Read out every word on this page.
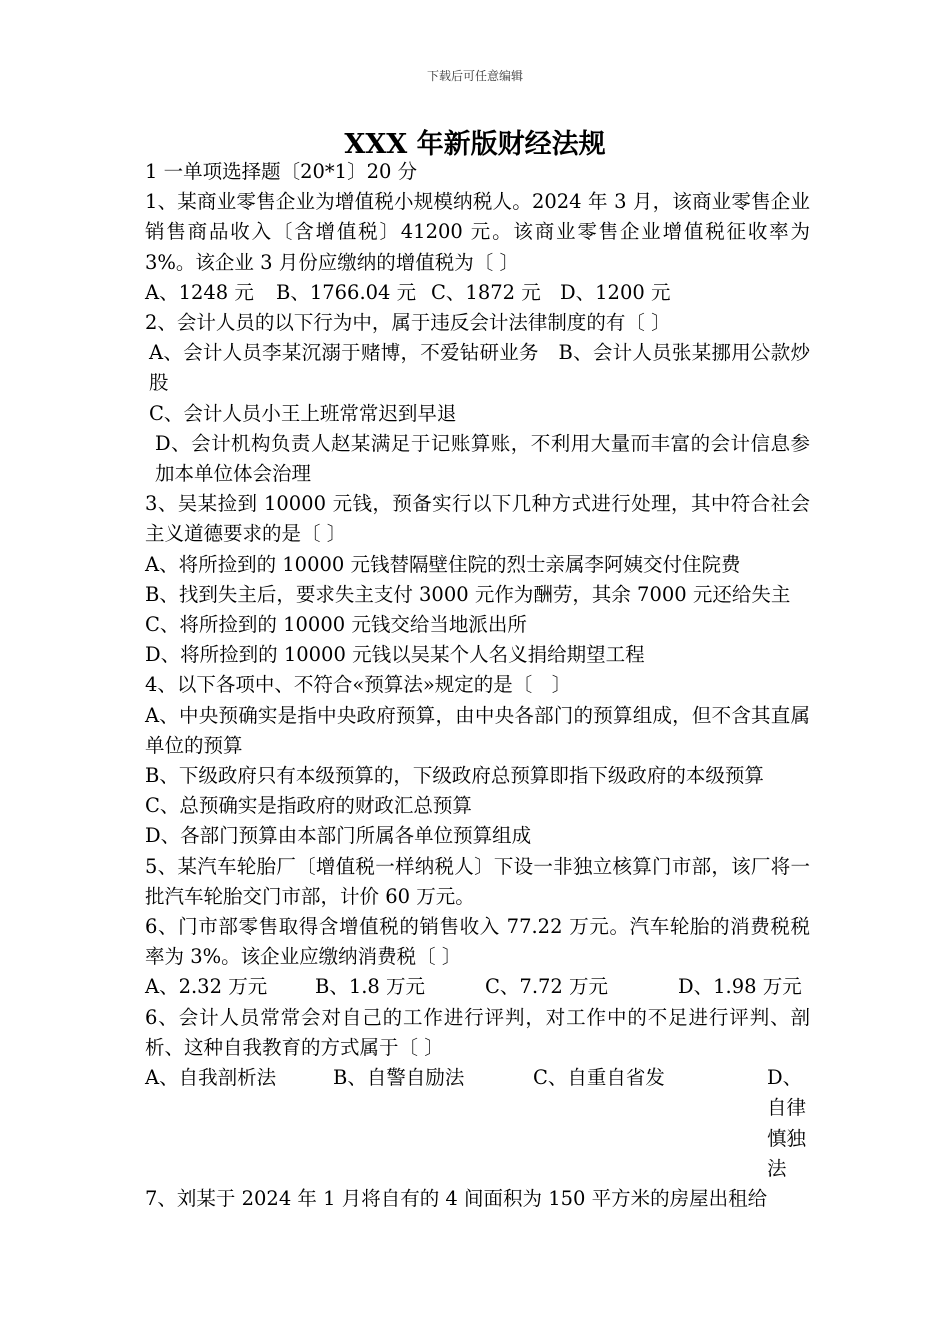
下载后可任意编辑
XXX 年新版财经法规
1 一单项选择题〔20*1〕20 分
1、某商业零售企业为增值税小规模纳税人。2024 年 3 月，该商业零售企业销售商品收入〔含增值税〕41200 元。该商业零售企业增值税征收率为 3%。该企业 3 月份应缴纳的增值税为〔 〕
A、1248 元	B、1766.04 元 C、1872 元 D、1200 元
2、会计人员的以下行为中，属于违反会计法律制度的有〔 〕
A、会计人员李某沉溺于赌博，不爱钻研业务　B、会计人员张某挪用公款炒股
C、会计人员小王上班常常迟到早退
D、会计机构负责人赵某满足于记账算账，不利用大量而丰富的会计信息参加本单位体会治理
3、吴某捡到 10000 元钱，预备实行以下几种方式进行处理，其中符合社会主义道德要求的是〔 〕
A、将所捡到的 10000 元钱替隔壁住院的烈士亲属李阿姨交付住院费
B、找到失主后，要求失主支付 3000 元作为酬劳，其余 7000 元还给失主
C、将所捡到的 10000 元钱交给当地派出所
D、将所捡到的 10000 元钱以吴某个人名义捐给期望工程
4、以下各项中、不符合«预算法»规定的是〔　〕
A、中央预确实是指中央政府预算，由中央各部门的预算组成，但不含其直属单位的预算
B、下级政府只有本级预算的，下级政府总预算即指下级政府的本级预算
C、总预确实是指政府的财政汇总预算
D、各部门预算由本部门所属各单位预算组成
5、某汽车轮胎厂〔增值税一样纳税人〕下设一非独立核算门市部，该厂将一批汽车轮胎交门市部，计价 60 万元。
6、门市部零售取得含增值税的销售收入 77.22 万元。汽车轮胎的消费税税率为 3%。该企业应缴纳消费税〔 〕
A、2.32 万元	B、1.8 万元	C、7.72 万元	D、1.98 万元
6、会计人员常常会对自己的工作进行评判，对工作中的不足进行评判、剖析、这种自我教育的方式属于〔 〕
A、自我剖析法	B、自警自励法	C、自重自省发	D、自律慎独法
7、刘某于 2024 年 1 月将自有的 4 间面积为 150 平方米的房屋出租给
